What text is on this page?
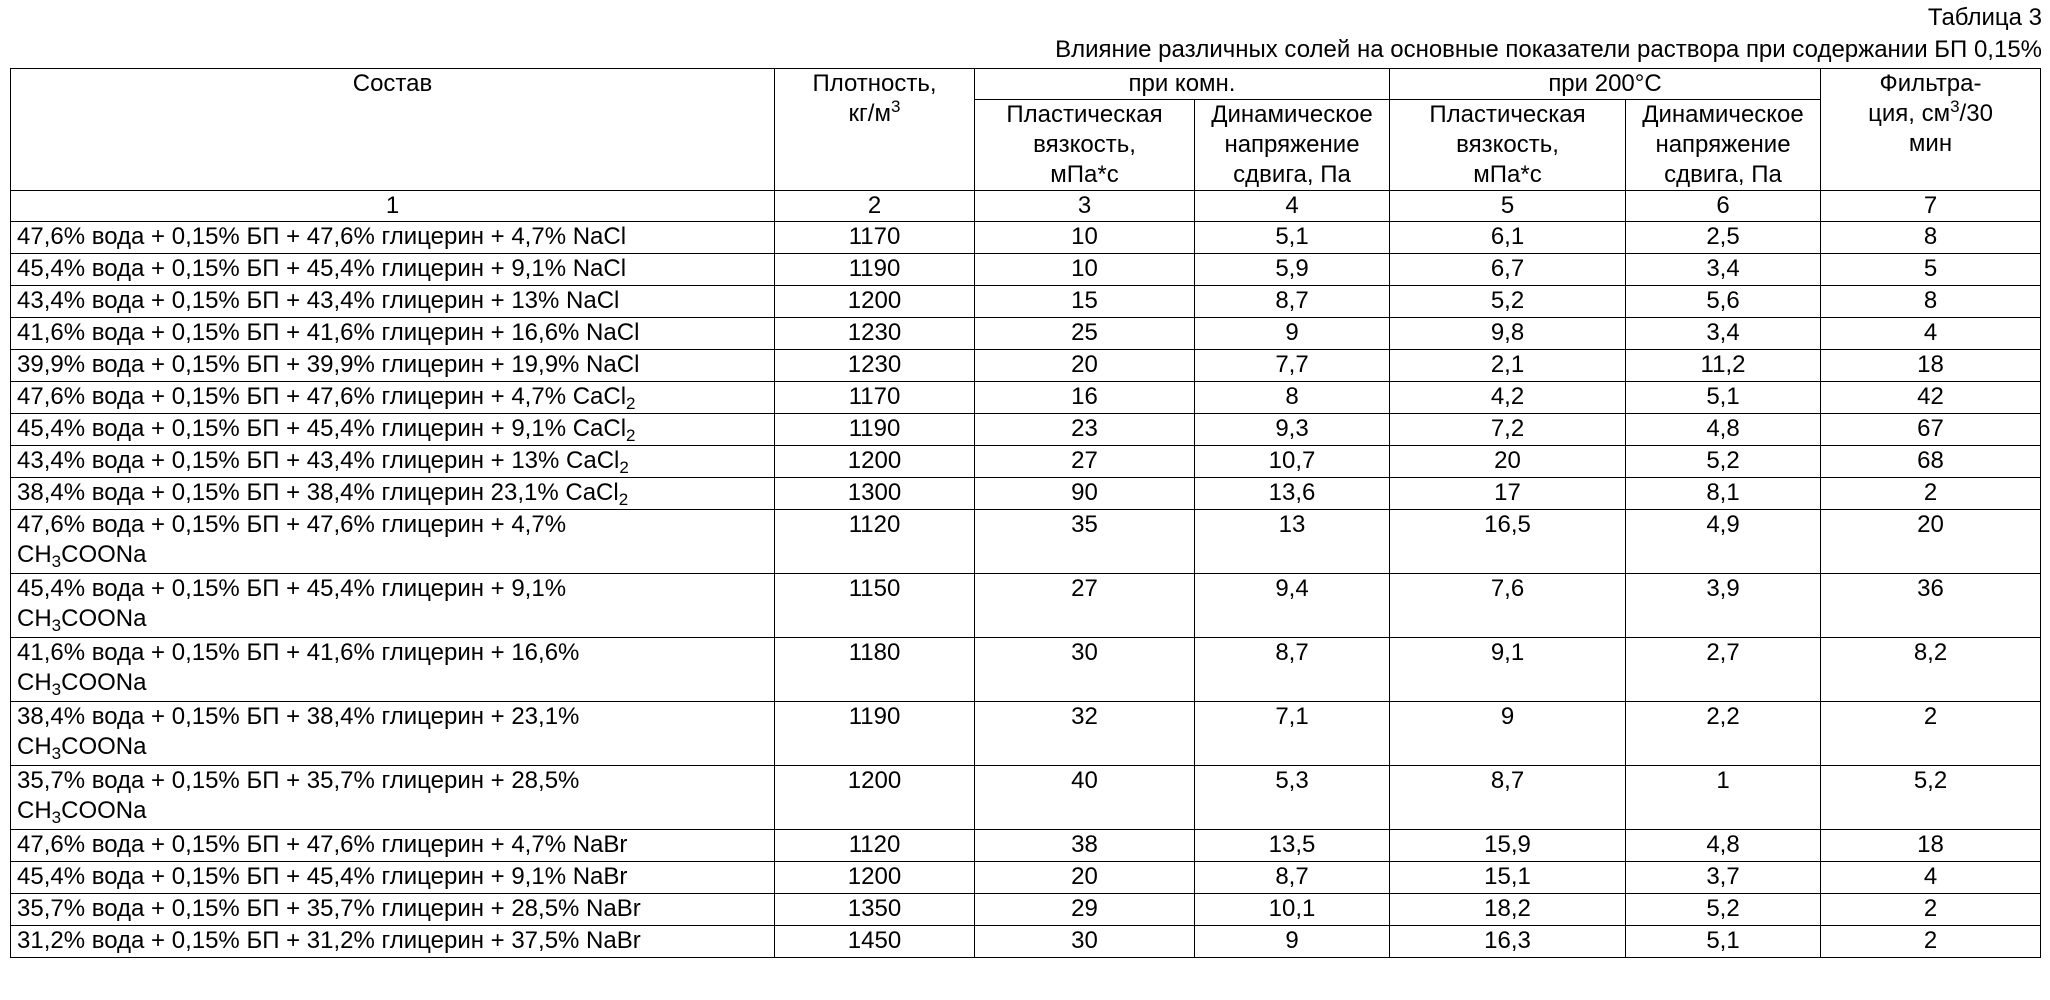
Таблица 3
Влияние различных солей на основные показатели раствора при содержании БП 0,15%
Состав	Плотность,
кг/м3	при комн.	при 200°С	Фильтра-
ция, см3/30
мин
Пластическая
вязкость,
мПа*с	Динамическое
напряжение
сдвига, Па	Пластическая
вязкость,
мПа*с	Динамическое
напряжение
сдвига, Па
1	2	3	4	5	6	7
47,6% вода + 0,15% БП + 47,6% глицерин + 4,7% NaCl	1170	10	5,1	6,1	2,5	8
45,4% вода + 0,15% БП + 45,4% глицерин + 9,1% NaCl	1190	10	5,9	6,7	3,4	5
43,4% вода + 0,15% БП + 43,4% глицерин + 13% NaCl	1200	15	8,7	5,2	5,6	8
41,6% вода + 0,15% БП + 41,6% глицерин + 16,6% NaCl	1230	25	9	9,8	3,4	4
39,9% вода + 0,15% БП + 39,9% глицерин + 19,9% NaCl	1230	20	7,7	2,1	11,2	18
47,6% вода + 0,15% БП + 47,6% глицерин + 4,7% CaCl2	1170	16	8	4,2	5,1	42
45,4% вода + 0,15% БП + 45,4% глицерин + 9,1% CaCl2	1190	23	9,3	7,2	4,8	67
43,4% вода + 0,15% БП + 43,4% глицерин + 13% CaCl2	1200	27	10,7	20	5,2	68
38,4% вода + 0,15% БП + 38,4% глицерин 23,1% CaCl2	1300	90	13,6	17	8,1	2
47,6% вода + 0,15% БП + 47,6% глицерин + 4,7%
CH3COONa	1120	35	13	16,5	4,9	20
45,4% вода + 0,15% БП + 45,4% глицерин + 9,1%
CH3COONa	1150	27	9,4	7,6	3,9	36
41,6% вода + 0,15% БП + 41,6% глицерин + 16,6%
CH3COONa	1180	30	8,7	9,1	2,7	8,2
38,4% вода + 0,15% БП + 38,4% глицерин + 23,1%
CH3COONa	1190	32	7,1	9	2,2	2
35,7% вода + 0,15% БП + 35,7% глицерин + 28,5%
CH3COONa	1200	40	5,3	8,7	1	5,2
47,6% вода + 0,15% БП + 47,6% глицерин + 4,7% NaBr	1120	38	13,5	15,9	4,8	18
45,4% вода + 0,15% БП + 45,4% глицерин + 9,1% NaBr	1200	20	8,7	15,1	3,7	4
35,7% вода + 0,15% БП + 35,7% глицерин + 28,5% NaBr	1350	29	10,1	18,2	5,2	2
31,2% вода + 0,15% БП + 31,2% глицерин + 37,5% NaBr	1450	30	9	16,3	5,1	2
